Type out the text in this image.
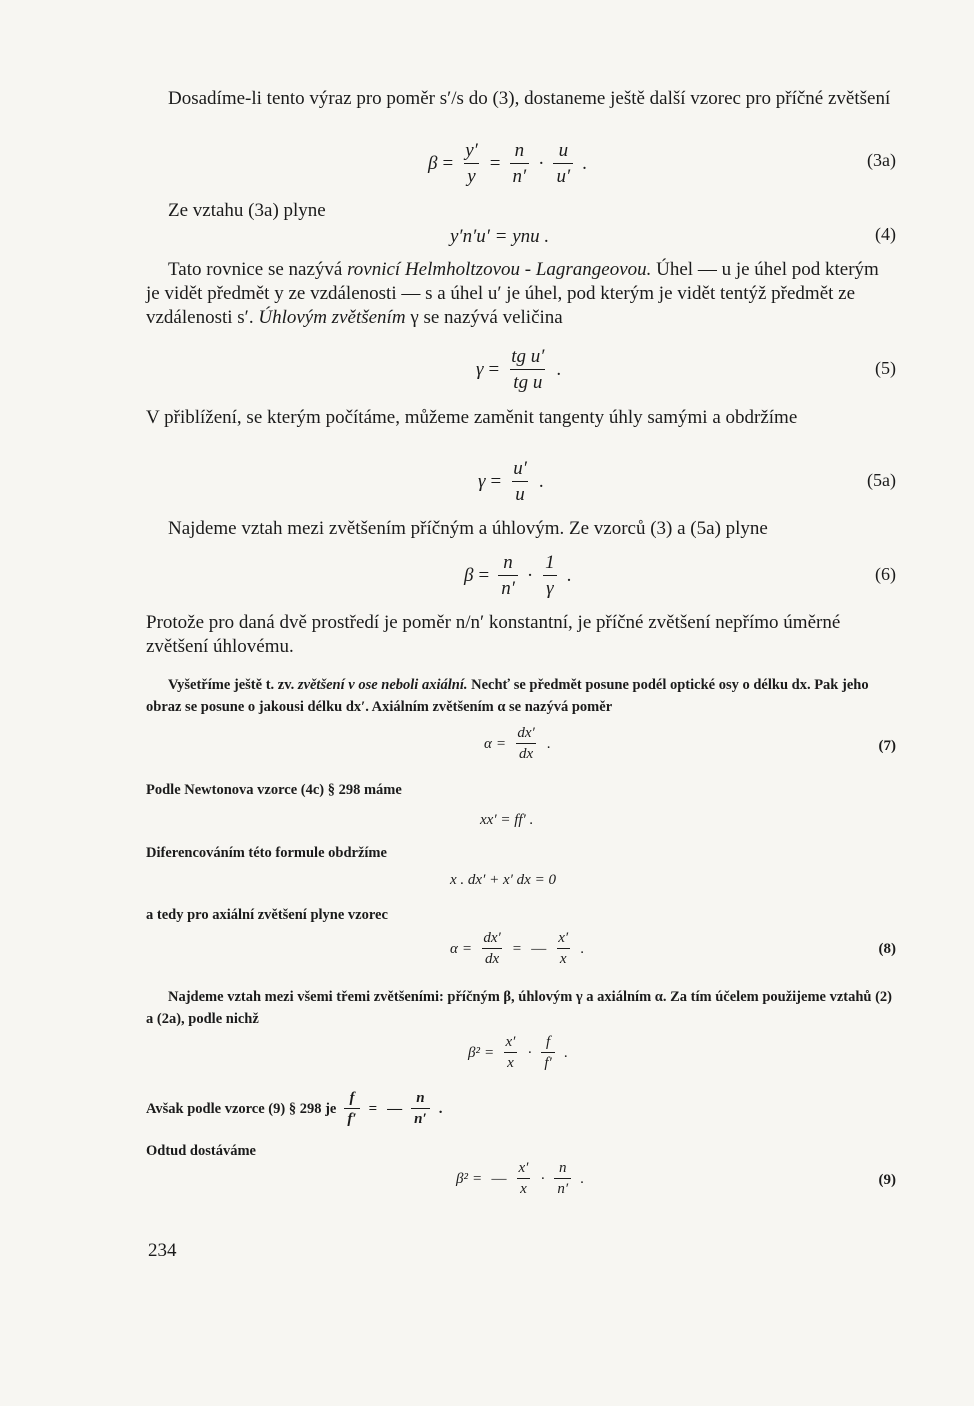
Dosadíme-li tento výraz pro poměr s′/s do (3), dostaneme ještě další vzorec pro příčné zvětšení

$\beta = \frac{y'}{y} = \frac{n}{n'} \cdot \frac{u}{u'}$ .	(3a)

Ze vztahu (3a) plyne

y′n′u′ = ynu .	(4)

Tato rovnice se nazývá rovnicí Helmholtzovou - Lagrangeovou. Úhel — u je úhel pod kterým je vidět předmět y ze vzdálenosti — s a úhel u′ je úhel, pod kterým je vidět tentýž předmět ze vzdálenosti s′. Úhlovým zvětšením γ se nazývá veličina

$\gamma = \frac{\text{tg u′}}{\text{tg u}}$ .	(5)

V přiblížení, se kterým počítáme, můžeme zaměnit tangenty úhly samými a obdržíme

$\gamma = \frac{u'}{u}$ .	(5a)

Najdeme vztah mezi zvětšením příčným a úhlovým. Ze vzorců (3) a (5a) plyne

$\beta = \frac{n}{n'} \cdot \frac{1}{\gamma}$ .	(6)

Protože pro daná dvě prostředí je poměr n/n′ konstantní, je příčné zvětšení nepřímo úměrné zvětšení úhlovému.

Vyšetříme ještě t. zv. zvětšení v ose neboli axiální. Nechť se předmět posune podél optické osy o délku dx. Pak jeho obraz se posune o jakousi délku dx′. Axiálním zvětšením α se nazývá poměr

$\alpha = \frac{dx'}{dx}$ .	(7)

Podle Newtonova vzorce (4c) § 298 máme

xx′ = ff′ .

Diferencováním této formule obdržíme

x . dx′ + x′ dx = 0

a tedy pro axiální zvětšení plyne vzorec

$\alpha = \frac{dx'}{dx}$ = — $\frac{x'}{x}$ .	(8)

Najdeme vztah mezi všemi třemi zvětšeními: příčným β, úhlovým γ a axiálním α. Za tím účelem použijeme vztahů (2) a (2a), podle nichž

$\beta^2 = \frac{x'}{x} \cdot \frac{f}{f'}$ .
Avšak podle vzorce (9) § 298 je $\frac{f}{f'}$ = — $\frac{n}{n'}$ .

Odtud dostáváme

β² = — $\frac{x'}{x} \cdot \frac{n}{n'}$ .	(9)
234
